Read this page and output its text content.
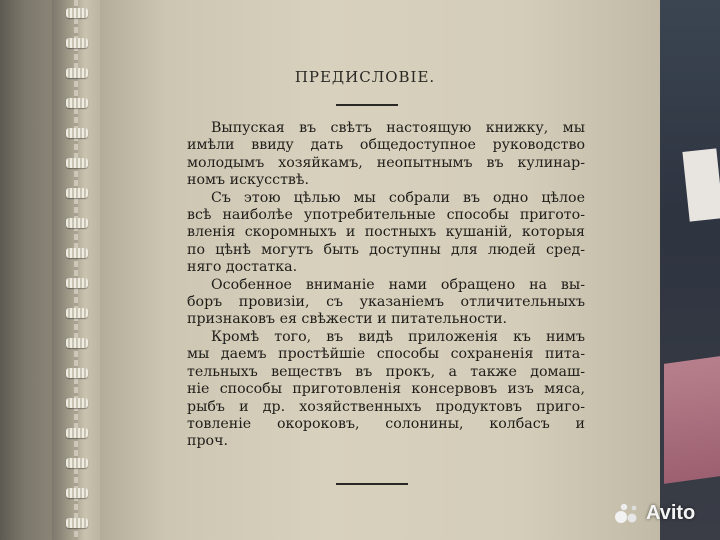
ПРЕДИСЛОВIЕ.
Выпуская въ свѣтъ настоящую книжку, мы
имѣли ввиду дать общедоступное руководство
молодымъ хозяйкамъ, неопытнымъ въ кулинар-
номъ искусствѣ.
Съ этою цѣлью мы собрали въ одно цѣлое
всѣ наиболѣе употребительные способы пригото-
вленія скоромныхъ и постныхъ кушаній, которыя
по цѣнѣ могутъ быть доступны для людей сред-
няго достатка.
Особенное вниманіе нами обращено на вы-
боръ провизіи, съ указаніемъ отличительныхъ
признаковъ ея свѣжести и питательности.
Кромѣ того, въ видѣ приложенія къ нимъ
мы даемъ простѣйшіе способы сохраненія пита-
тельныхъ веществъ въ прокъ, а также домаш-
ніе способы приготовленія консервовъ изъ мяса,
рыбъ и др. хозяйственныхъ продуктовъ приго-
товленіе окороковъ, солонины, колбасъ и
проч.
Avito
